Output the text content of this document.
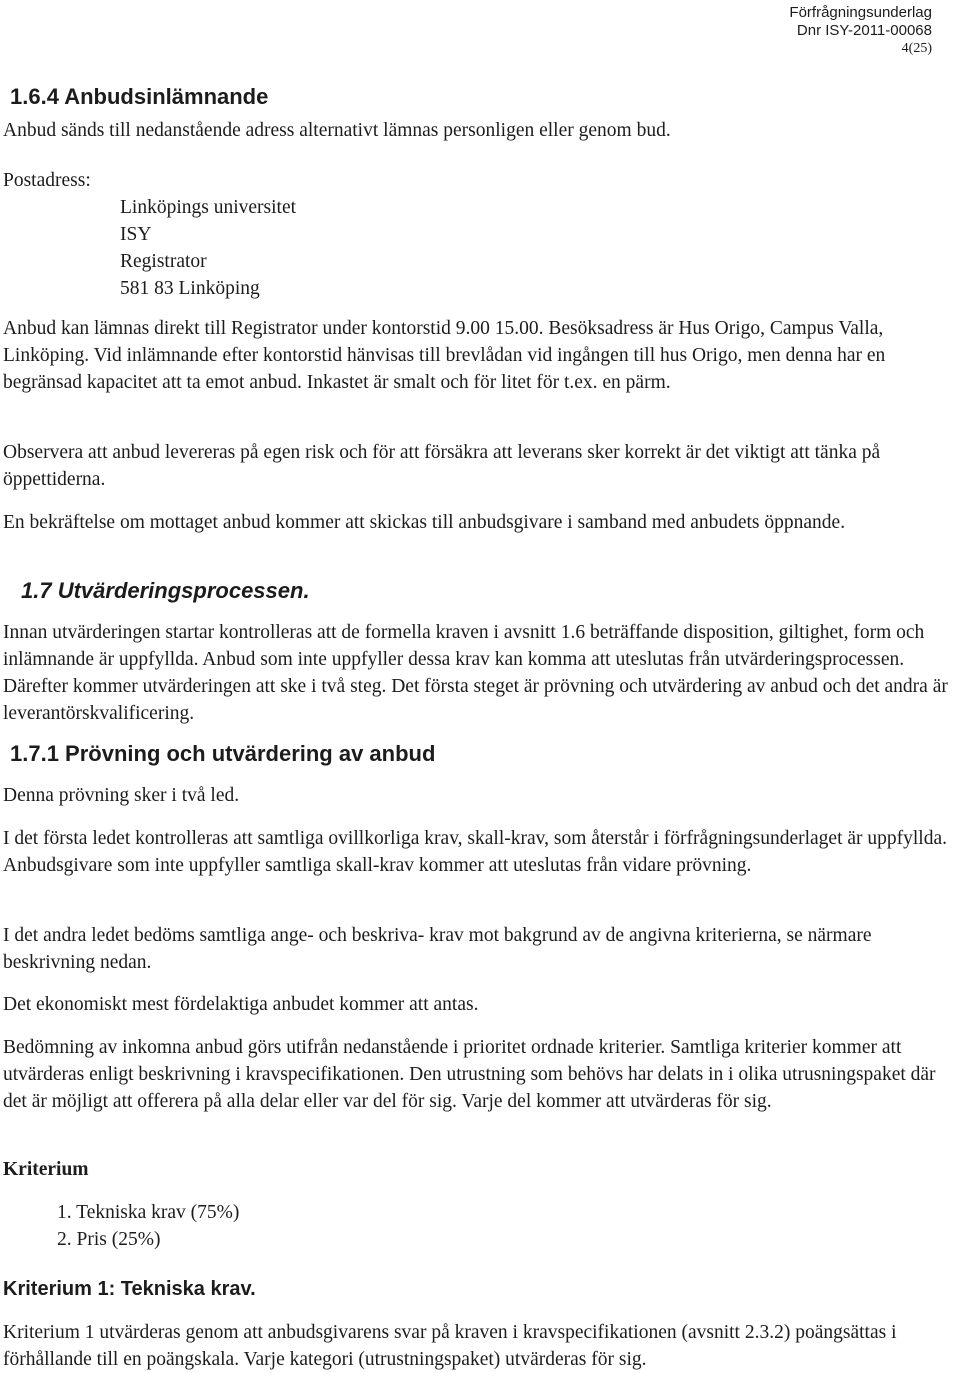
Förfrågningsunderlag
Dnr ISY-2011-00068
4(25)
1.6.4 Anbudsinlämnande

Anbud sänds till nedanstående adress alternativt lämnas personligen eller genom bud.

Postadress:
Linköpings universitet
ISY
Registrator
581 83 Linköping

Anbud kan lämnas direkt till Registrator under kontorstid 9.00 15.00. Besöksadress är Hus Origo, Campus Valla, Linköping. Vid inlämnande efter kontorstid hänvisas till brevlådan vid ingången till hus Origo, men denna har en begränsad kapacitet att ta emot anbud. Inkastet är smalt och för litet för t.ex. en pärm.

Observera att anbud levereras på egen risk och för att försäkra att leverans sker korrekt är det viktigt att tänka på öppettiderna.

En bekräftelse om mottaget anbud kommer att skickas till anbudsgivare i samband med anbudets öppnande.

1.7 Utvärderingsprocessen.

Innan utvärderingen startar kontrolleras att de formella kraven i avsnitt 1.6 beträffande disposition, giltighet, form och inlämnande är uppfyllda. Anbud som inte uppfyller dessa krav kan komma att uteslutas från utvärderingsprocessen. Därefter kommer utvärderingen att ske i två steg. Det första steget är prövning och utvärdering av anbud och det andra är leverantörskvalificering.

1.7.1 Prövning och utvärdering av anbud

Denna prövning sker i två led.

I det första ledet kontrolleras att samtliga ovillkorliga krav, skall-krav, som återstår i förfrågningsunderlaget är uppfyllda. Anbudsgivare som inte uppfyller samtliga skall-krav kommer att uteslutas från vidare prövning.

I det andra ledet bedöms samtliga ange- och beskriva- krav mot bakgrund av de angivna kriterierna, se närmare beskrivning nedan.

Det ekonomiskt mest fördelaktiga anbudet kommer att antas.

Bedömning av inkomna anbud görs utifrån nedanstående i prioritet ordnade kriterier. Samtliga kriterier kommer att utvärderas enligt beskrivning i kravspecifikationen. Den utrustning som behövs har delats in i olika utrusningspaket där det är möjligt att offerera på alla delar eller var del för sig. Varje del kommer att utvärderas för sig.

Kriterium
1. Tekniska krav (75%)
2. Pris (25%)
Kriterium 1: Tekniska krav.

Kriterium 1 utvärderas genom att anbudsgivarens svar på kraven i kravspecifikationen (avsnitt 2.3.2) poängsättas i förhållande till en poängskala. Varje kategori (utrustningspaket) utvärderas för sig.
